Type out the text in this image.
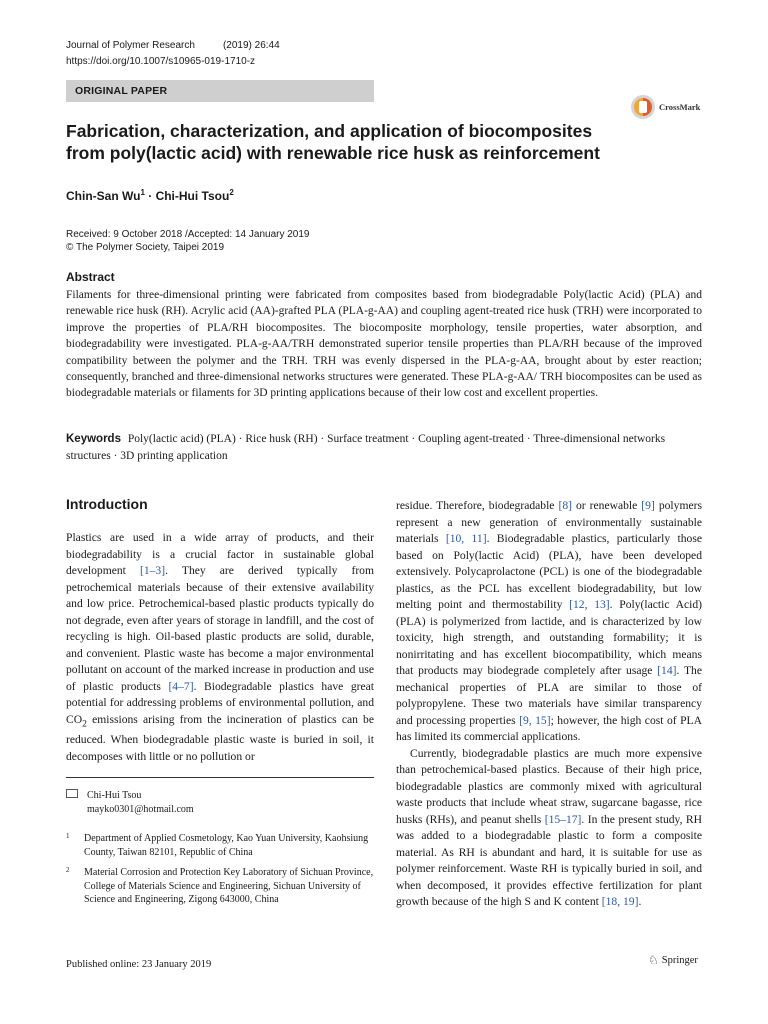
Journal of Polymer Research	(2019) 26:44
https://doi.org/10.1007/s10965-019-1710-z
ORIGINAL PAPER
CrossMark
Fabrication, characterization, and application of biocomposites
from poly(lactic acid) with renewable rice husk as reinforcement
Chin-San $Wu^1 \cdot Chi-Hui$ Tsou$^2$
Received: 9 October 2018 /Accepted: 14 January 2019
© The Polymer Society, Taipei 2019
Abstract

Filaments for three-dimensional printing were fabricated from composites based from biodegradable Poly(lactic Acid) (PLA) and renewable rice husk (RH). Acrylic acid (AA)-grafted PLA (PLA-g-AA) and coupling agent-treated rice husk (TRH) were incorporated to improve the properties of PLA/RH biocomposites. The biocomposite morphology, tensile properties, water absorption, and biodegradability were investigated. PLA-g-AA/TRH demonstrated superior tensile properties than PLA/RH because of the improved compatibility between the polymer and the TRH. TRH was evenly dispersed in the PLA-g-AA, brought about by ester reaction; consequently, branched and three-dimensional networks structures were generated. These PLA-g-AA/ TRH biocomposites can be used as biodegradable materials or filaments for 3D printing applications because of their low cost and excellent properties.

Keywords Poly(lactic acid) (PLA) · Rice husk (RH) · Surface treatment · Coupling agent-treated · Three-dimensional networks structures · 3D printing application

Introduction

Plastics are used in a wide array of products, and their biodegradability is a crucial factor in sustainable global development [1–3]. They are derived typically from petrochemical materials because of their extensive availability and low price. Petrochemical-based plastic products typically do not degrade, even after years of storage in landfill, and the cost of recycling is high. Oil-based plastic products are solid, durable, and convenient. Plastic waste has become a major environmental pollutant on account of the marked increase in production and use of plastic products [4–7]. Biodegradable plastics have great potential for addressing problems of environmental pollution, and $CO_2$ emissions arising from the incineration of plastics can be reduced. When biodegradable plastic waste is buried in soil, it decomposes with little or no pollution or

residue. Therefore, biodegradable [8] or renewable [9] polymers represent a new generation of environmentally sustainable materials [10, 11]. Biodegradable plastics, particularly those based on Poly(lactic Acid) (PLA), have been developed extensively. Polycaprolactone (PCL) is one of the biodegradable plastics, as the PCL has excellent biodegradability, but low melting point and thermostability [12, 13]. Poly(lactic Acid) (PLA) is polymerized from lactide, and is characterized by low toxicity, high strength, and outstanding formability; it is nonirritating and has excellent biocompatibility, which means that products may biodegrade completely after usage [14]. The mechanical properties of PLA are similar to those of polypropylene. These two materials have similar transparency and processing properties [9, 15]; however, the high cost of PLA has limited its commercial applications.
Currently, biodegradable plastics are much more expensive than petrochemical-based plastics. Because of their high price, biodegradable plastics are commonly mixed with agricultural waste products that include wheat straw, sugarcane bagasse, rice husks (RHs), and peanut shells [15–17]. In the present study, RH was added to a biodegradable plastic to form a composite material. As RH is abundant and hard, it is suitable for use as polymer reinforcement. Waste RH is typically buried in soil, and when decomposed, it provides effective fertilization for plant growth because of the high S and K content [18, 19].
Chi-Hui Tsou
mayko0301@hotmail.com
1 Department of Applied Cosmetology, Kao Yuan University, Kaohsiung County, Taiwan 82101, Republic of China
2 Material Corrosion and Protection Key Laboratory of Sichuan Province, College of Materials Science and Engineering, Sichuan University of Science and Engineering, Zigong 643000, China
Published online: 23 January 2019	♘ Springer
